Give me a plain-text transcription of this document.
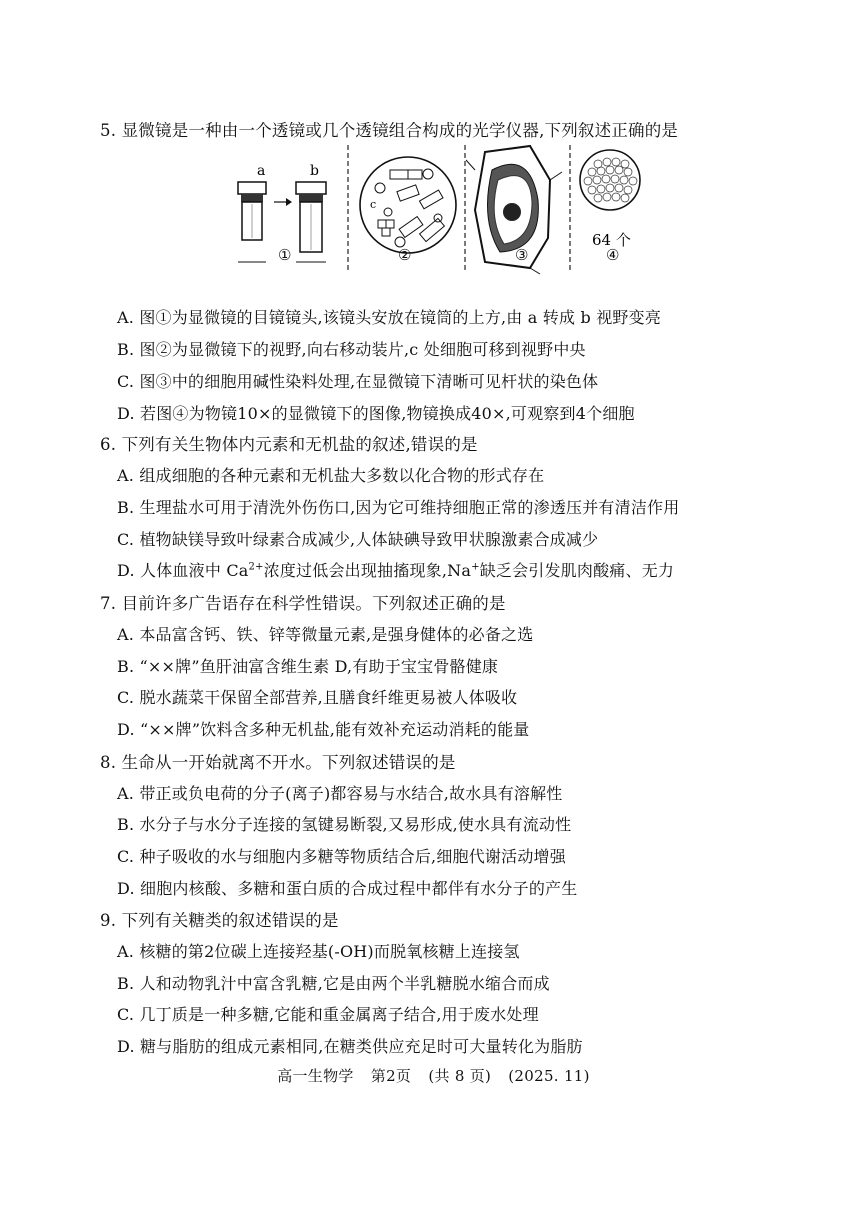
5. 显微镜是一种由一个透镜或几个透镜组合构成的光学仪器,下列叙述正确的是
a	b
c
64 个
①	②	③	④
A. 图①为显微镜的目镜镜头,该镜头安放在镜筒的上方,由 a 转成 b 视野变亮
B. 图②为显微镜下的视野,向右移动装片,c 处细胞可移到视野中央
C. 图③中的细胞用碱性染料处理,在显微镜下清晰可见杆状的染色体
D. 若图④为物镜10×的显微镜下的图像,物镜换成40×,可观察到4个细胞
6. 下列有关生物体内元素和无机盐的叙述,错误的是
A. 组成细胞的各种元素和无机盐大多数以化合物的形式存在
B. 生理盐水可用于清洗外伤伤口,因为它可维持细胞正常的渗透压并有清洁作用
C. 植物缺镁导致叶绿素合成减少,人体缺碘导致甲状腺激素合成减少
D. 人体血液中 $Ca^{2+}$浓度过低会出现抽搐现象,Na+缺乏会引发肌肉酸痛、无力
7. 目前许多广告语存在科学性错误。下列叙述正确的是
A. 本品富含钙、铁、锌等微量元素,是强身健体的必备之选
B. “××牌”鱼肝油富含维生素 D,有助于宝宝骨骼健康
C. 脱水蔬菜干保留全部营养,且膳食纤维更易被人体吸收
D. “××牌”饮料含多种无机盐,能有效补充运动消耗的能量
8. 生命从一开始就离不开水。下列叙述错误的是
A. 带正或负电荷的分子(离子)都容易与水结合,故水具有溶解性
B. 水分子与水分子连接的氢键易断裂,又易形成,使水具有流动性
C. 种子吸收的水与细胞内多糖等物质结合后,细胞代谢活动增强
D. 细胞内核酸、多糖和蛋白质的合成过程中都伴有水分子的产生
9. 下列有关糖类的叙述错误的是
A. 核糖的第2位碳上连接羟基(-OH)而脱氧核糖上连接氢
B. 人和动物乳汁中富含乳糖,它是由两个半乳糖脱水缩合而成
C. 几丁质是一种多糖,它能和重金属离子结合,用于废水处理
D. 糖与脂肪的组成元素相同,在糖类供应充足时可大量转化为脂肪
高一生物学 第2页 (共 8 页) (2025. 11)
